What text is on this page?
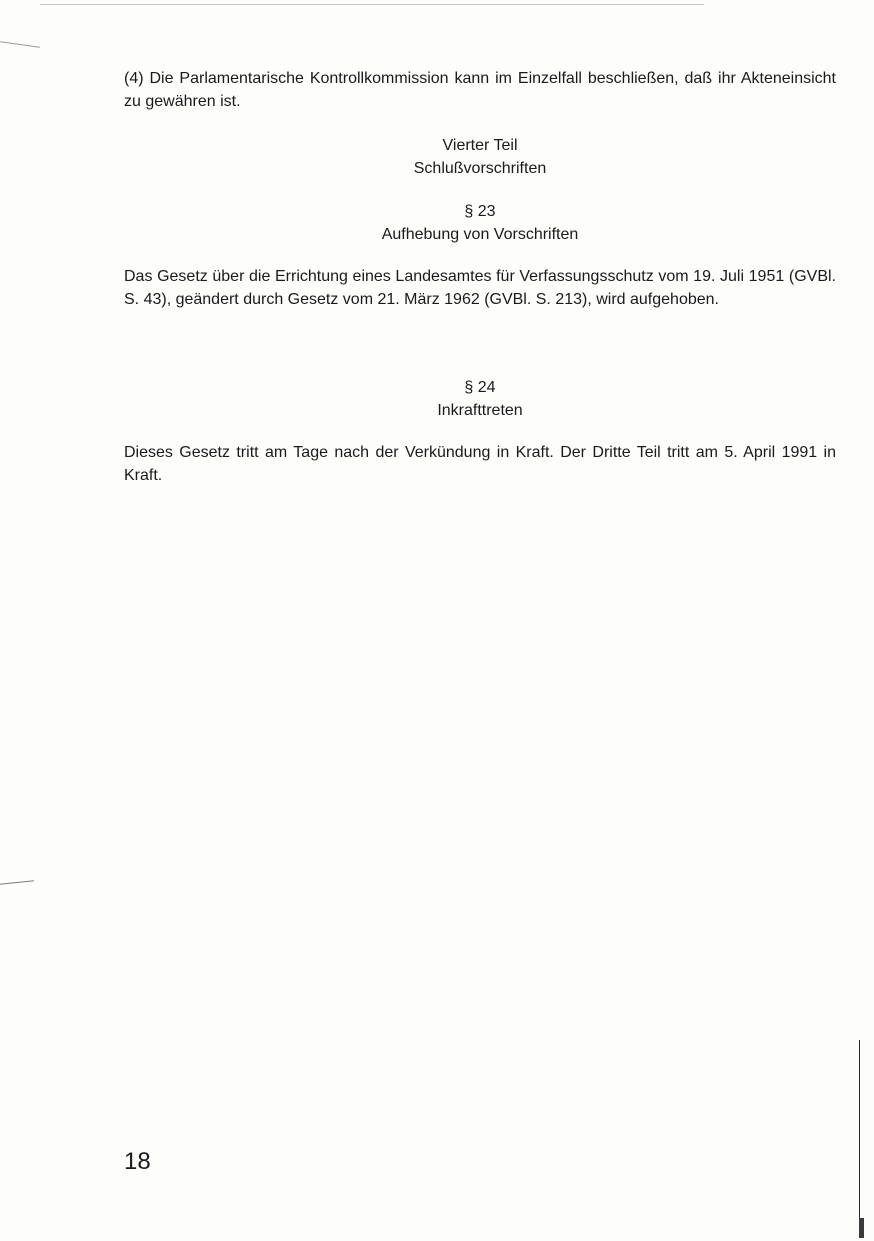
(4) Die Parlamentarische Kontrollkommission kann im Einzelfall beschließen, daß ihr Akteneinsicht zu gewähren ist.

Vierter Teil
Schlußvorschriften
§ 23
Aufhebung von Vorschriften

Das Gesetz über die Errichtung eines Landesamtes für Verfassungsschutz vom 19. Juli 1951 (GVBl. S. 43), geändert durch Gesetz vom 21. März 1962 (GVBl. S. 213), wird aufgehoben.

§ 24
Inkrafttreten

Dieses Gesetz tritt am Tage nach der Verkündung in Kraft. Der Dritte Teil tritt am 5. April 1991 in Kraft.

18
